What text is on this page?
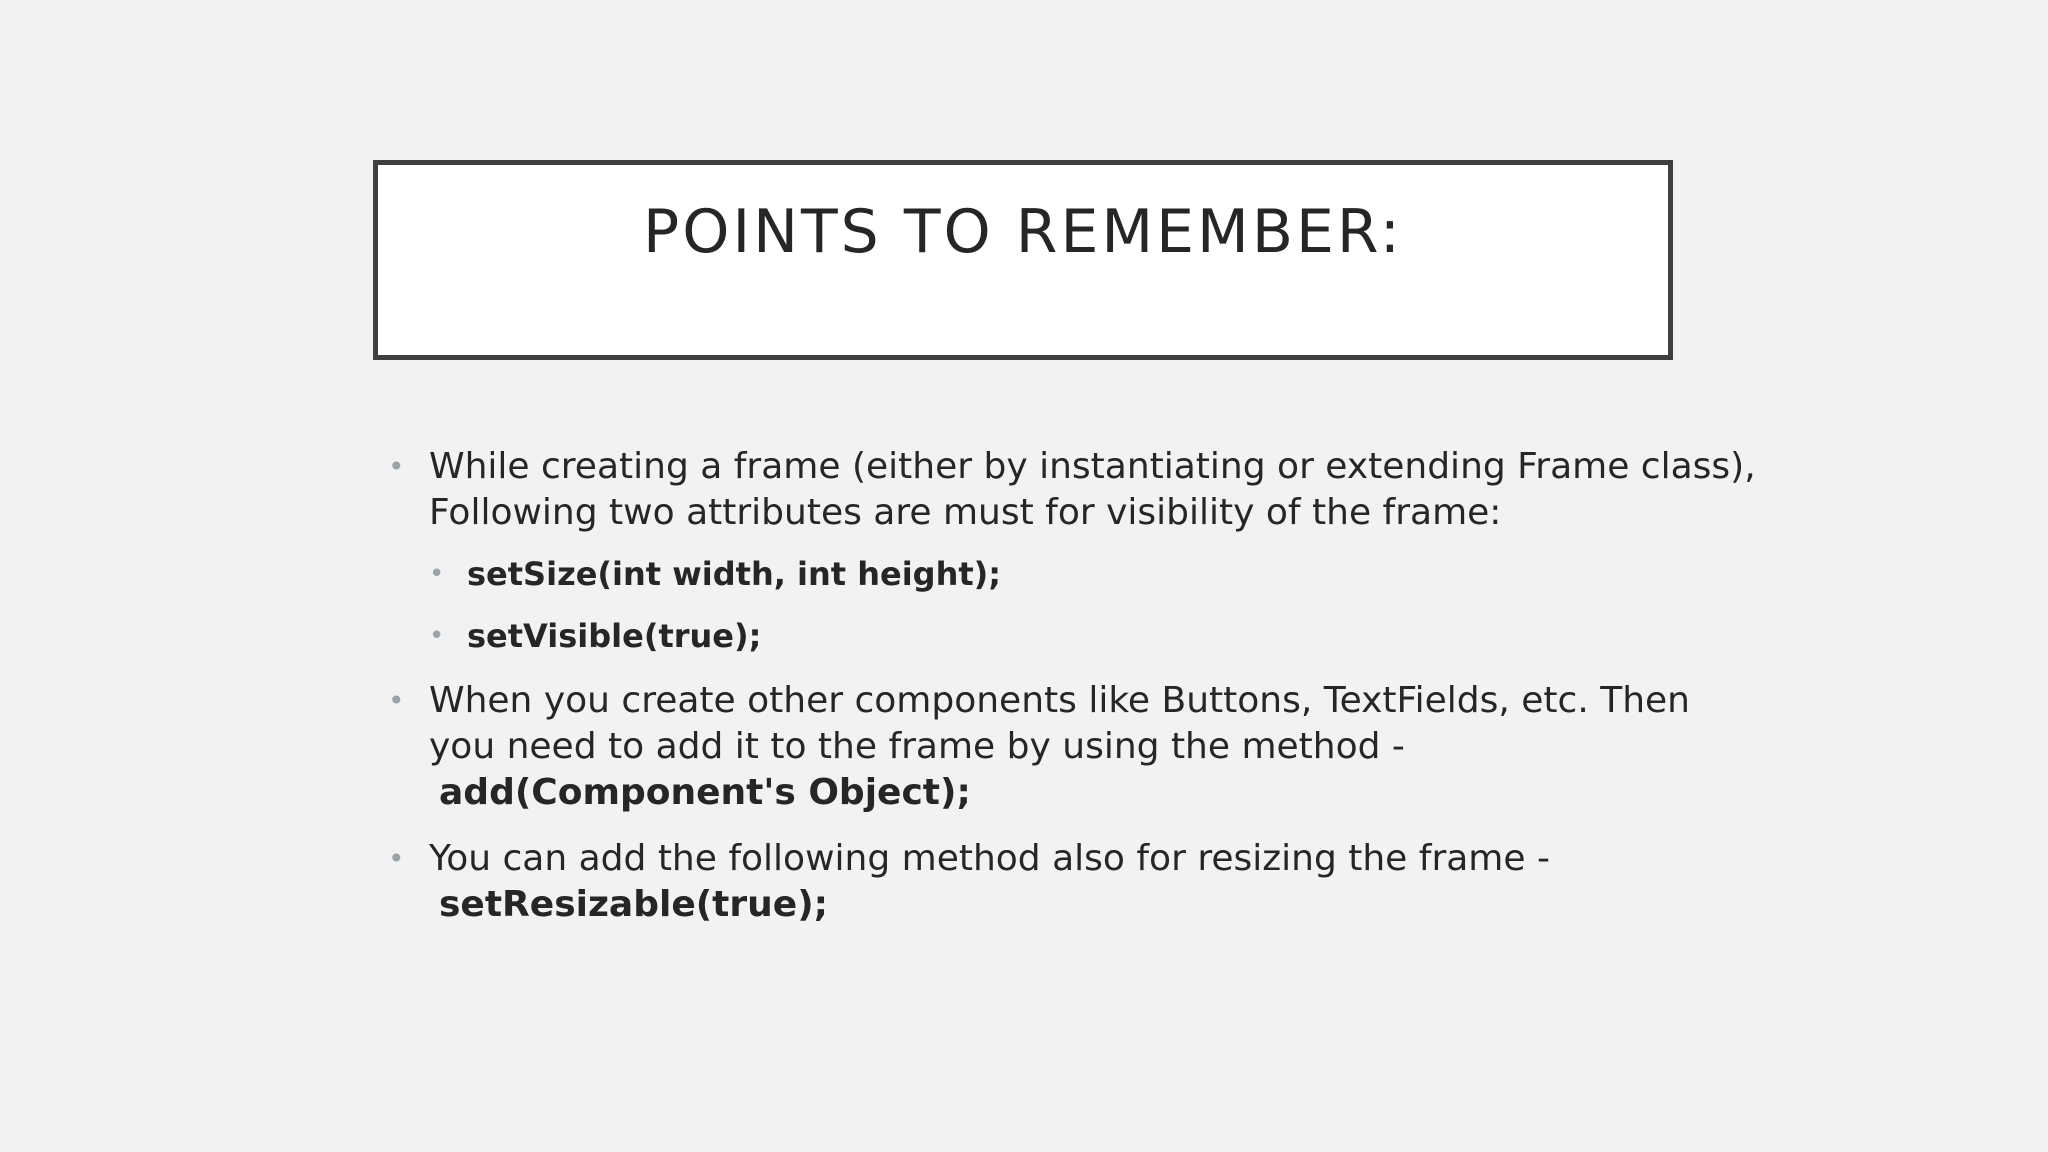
POINTS TO REMEMBER:
• While creating a frame (either by instantiating or extending Frame class),
Following two attributes are must for visibility of the frame:
• setSize(int width, int height);
• setVisible(true);
• When you create other components like Buttons, TextFields, etc. Then
you need to add it to the frame by using the method -
add(Component's Object);
• You can add the following method also for resizing the frame -
setResizable(true);
